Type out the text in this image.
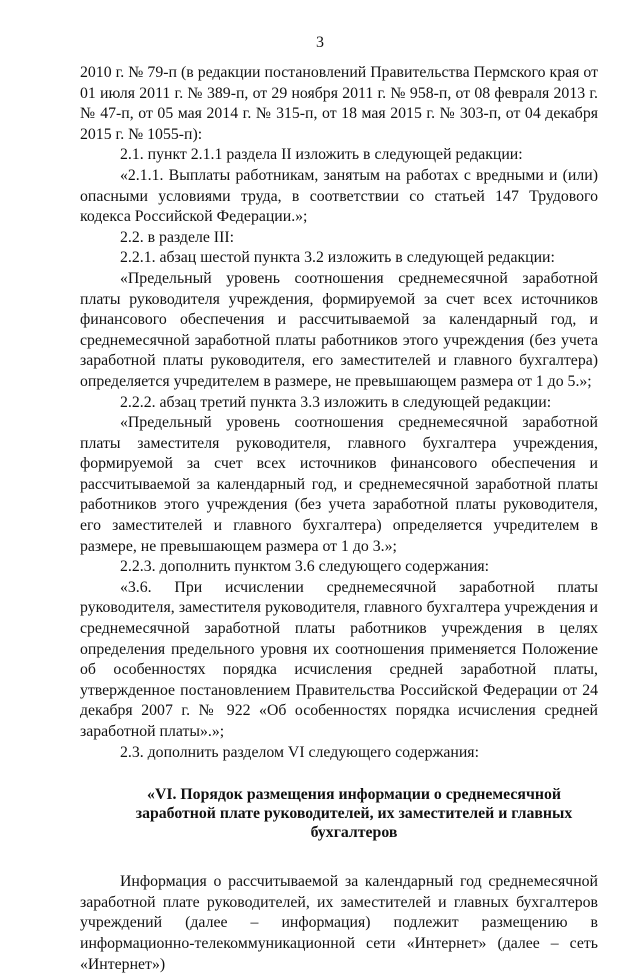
3

2010 г. № 79-п (в редакции постановлений Правительства Пермского края от 01 июля 2011 г. № 389-п, от 29 ноября 2011 г. № 958-п, от 08 февраля 2013 г. № 47-п, от 05 мая 2014 г. № 315-п, от 18 мая 2015 г. № 303-п, от 04 декабря 2015 г. № 1055-п):

2.1. пункт 2.1.1 раздела II изложить в следующей редакции:

«2.1.1. Выплаты работникам, занятым на работах с вредными и (или) опасными условиями труда, в соответствии со статьей 147 Трудового кодекса Российской Федерации.»;

2.2. в разделе III:

2.2.1. абзац шестой пункта 3.2 изложить в следующей редакции:

«Предельный уровень соотношения среднемесячной заработной платы руководителя учреждения, формируемой за счет всех источников финансового обеспечения и рассчитываемой за календарный год, и среднемесячной заработной платы работников этого учреждения (без учета заработной платы руководителя, его заместителей и главного бухгалтера) определяется учредителем в размере, не превышающем размера от 1 до 5.»;

2.2.2. абзац третий пункта 3.3 изложить в следующей редакции:

«Предельный уровень соотношения среднемесячной заработной платы заместителя руководителя, главного бухгалтера учреждения, формируемой за счет всех источников финансового обеспечения и рассчитываемой за календарный год, и среднемесячной заработной платы работников этого учреждения (без учета заработной платы руководителя, его заместителей и главного бухгалтера) определяется учредителем в размере, не превышающем размера от 1 до 3.»;

2.2.3. дополнить пунктом 3.6 следующего содержания:

«3.6. При исчислении среднемесячной заработной платы руководителя, заместителя руководителя, главного бухгалтера учреждения и среднемесячной заработной платы работников учреждения в целях определения предельного уровня их соотношения применяется Положение об особенностях порядка исчисления средней заработной платы, утвержденное постановлением Правительства Российской Федерации от 24 декабря 2007 г. № 922 «Об особенностях порядка исчисления средней заработной платы».»;

2.3. дополнить разделом VI следующего содержания:

«VI. Порядок размещения информации о среднемесячной заработной плате руководителей, их заместителей и главных бухгалтеров

Информация о рассчитываемой за календарный год среднемесячной заработной плате руководителей, их заместителей и главных бухгалтеров учреждений (далее – информация) подлежит размещению в информационно-телекоммуникационной сети «Интернет» (далее – сеть «Интернет»)
